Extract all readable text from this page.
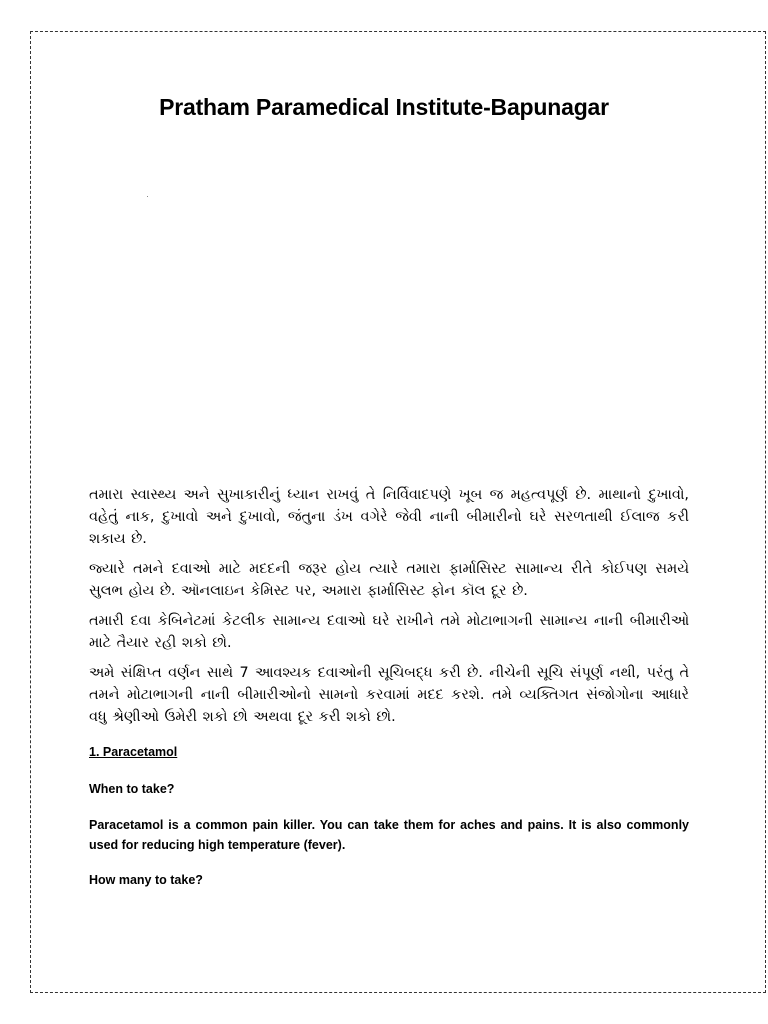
Pratham Paramedical Institute-Bapunagar

તમારા સ્વાસ્થ્ય અને સુખાકારીનું ધ્યાન રાખવું તે નિર્વિવાદપણે ખૂબ જ મહત્વપૂર્ણ છે. માથાનો દુખાવો, વહેતું નાક, દુખાવો અને દુખાવો, જંતુના ડંખ વગેરે જેવી નાની બીમારીનો ઘરે સરળતાથી ઈલાજ કરી શકાય છે.

જ્યારે તમને દવાઓ માટે મદદની જરૂર હોય ત્યારે તમારા ફાર્માસિસ્ટ સામાન્ય રીતે કોઈપણ સમયે સુલભ હોય છે. ઑનલાઇન કેમિસ્ટ પર, અમારા ફાર્માસિસ્ટ ફોન કૉલ દૂર છે.

તમારી દવા કેબિનેટમાં કેટલીક સામાન્ય દવાઓ ઘરે રાખીને તમે મોટાભાગની સામાન્ય નાની બીમારીઓ માટે તૈયાર રહી શકો છો.

અમે સંક્ષિપ્ત વર્ણન સાથે 7 આવશ્યક દવાઓની સૂચિબદ્ધ કરી છે. નીચેની સૂચિ સંપૂર્ણ નથી, પરંતુ તે તમને મોટાભાગની નાની બીમારીઓનો સામનો કરવામાં મદદ કરશે. તમે વ્યક્તિગત સંજોગોના આધારે વધુ શ્રેણીઓ ઉમેરી શકો છો અથવા દૂર કરી શકો છો.

1. Paracetamol

When to take?

Paracetamol is a common pain killer. You can take them for aches and pains. It is also commonly used for reducing high temperature (fever).

How many to take?
